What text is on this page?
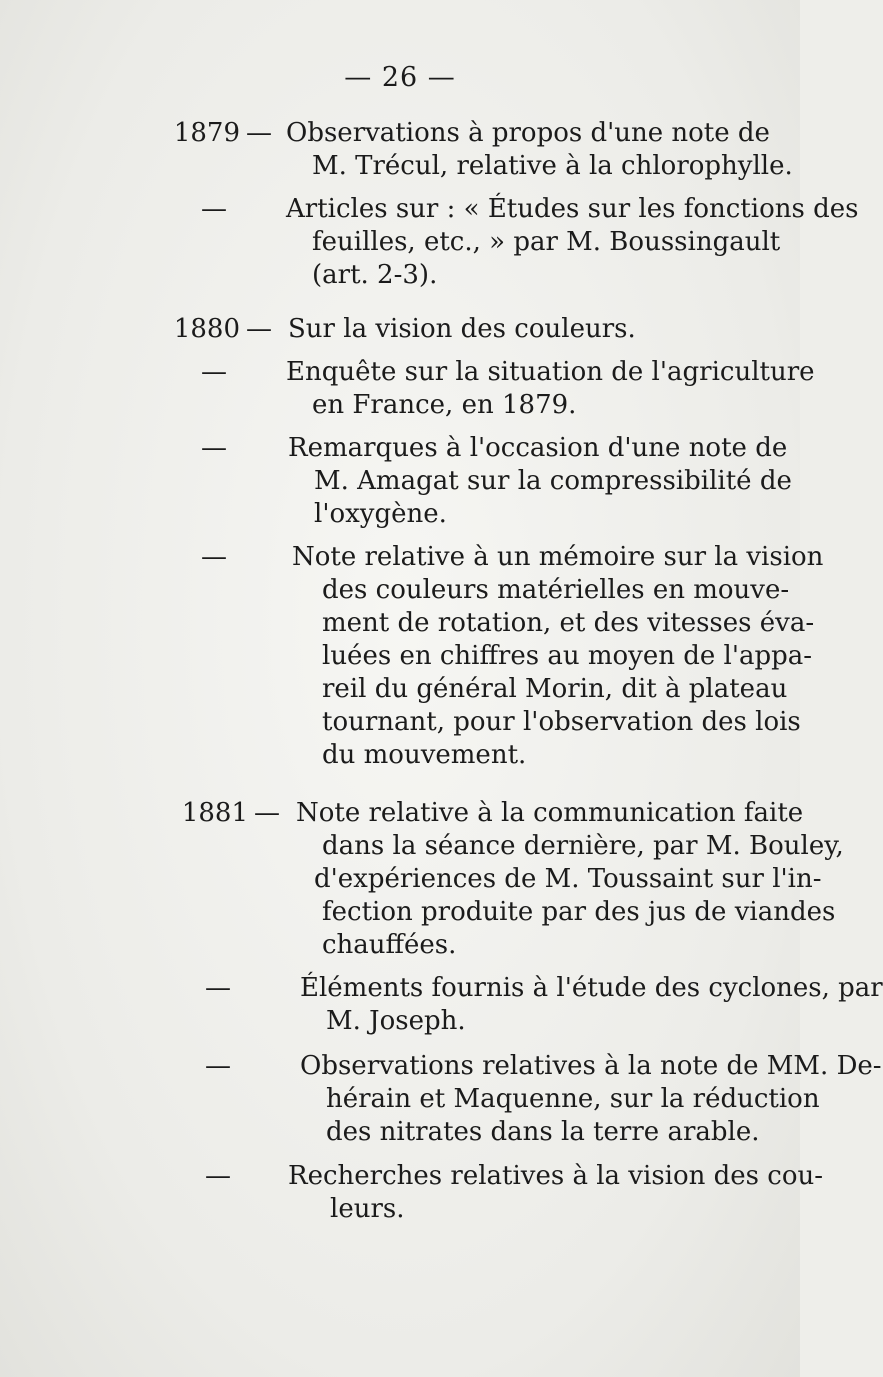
— 26 —
1879 — Observations à propos d'une note de
M. Trécul, relative à la chlorophylle.
— Articles sur : « Études sur les fonctions des
feuilles, etc., » par M. Boussingault
(art. 2-3).
1880 — Sur la vision des couleurs.
— Enquête sur la situation de l'agriculture
en France, en 1879.
— Remarques à l'occasion d'une note de
M. Amagat sur la compressibilité de
l'oxygène.
—	Note relative à un mémoire sur la vision
des couleurs matérielles en mouve-
ment de rotation, et des vitesses éva-
luées en chiffres au moyen de l'appa-
reil du général Morin, dit à plateau
tournant, pour l'observation des lois
du mouvement.
1881 — Note relative à la communication faite
dans la séance dernière, par M. Bouley,
d'expériences de M. Toussaint sur l'in-
fection produite par des jus de viandes
chauffées.
—	Éléments fournis à l'étude des cyclones, par
M. Joseph.
—	Observations relatives à la note de MM. De-
hérain et Maquenne, sur la réduction
des nitrates dans la terre arable.
— Recherches relatives à la vision des cou-
leurs.
